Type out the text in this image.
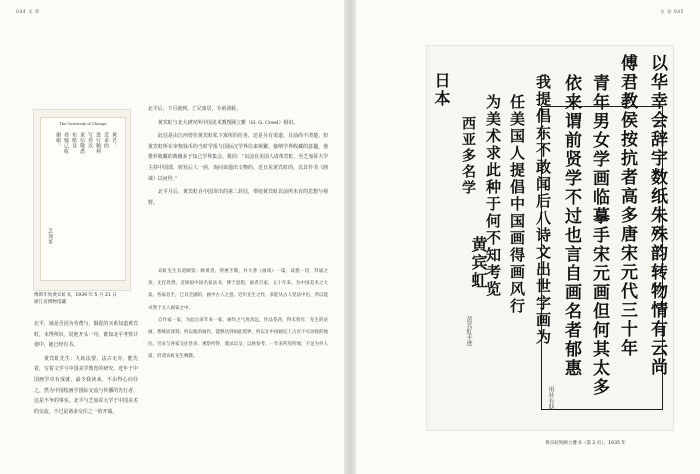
044 文 库
The University of Chicago
黄君：
近来的
进行顺利
写卷以
来信敬悉
布纸及
卷轴已收
谢谢。
芝加哥
傅斯年致黄宾虹书，1939 年 5 月 21 日
浙江省博物馆藏

北平后，下月就到，亡兄寓居，专函请候。

黄宾虹与北大研究所中国美术教授顾立雅（H. G. Creel）相识。

此信是由江西曾任黄宾虹私下寓所的任务，还是另有渠道，目前尚不清楚。但黄宾虹所在审核钱币的当时学报与国际汉学界往来频繁，接纳学界收藏的意趣，他推荐收藏的典籍多于知己学界集会。我同：“以前有美国人请黄宾虹，至芝加哥大学主持中国部，转发后人一函，询问该通出文物的。近日见黄宾虹的，以其作书《画谈》以问世。”

北平月后，黄宾虹自中国寄出的第二封信，带给黄宾虹以前所未有的思想与视野。

宾虹先生有道顾鉴：顾黄者，得惠手教，并大著《画谈》一篇，读悉一切，拜诵之余，无任欣然。近顷拟中国名家法书，博于思想，画者百家，五十年来，为中国美术之大家，各家名手，已具全副的，画中古人之意。近年先生之作，多能从古人笔法中出，所以能卓然于文人画家之中。

自作家一家，为此后来年来一家，画作之气度高远，作品苍劲，得未曾有，先生的论画，系统而深刻，所以他的画作，能够达到如此境界，所以在中国画坛上占有不可动摇的地位。近来与各家交往甚多，观察所得，谨录以呈，以供参考。一年来所见所闻，不足为外人道，但请宾虹先生赐教。

北平，她是否因为劳费与，铜进的买系知道黄宾虹，本得所识，说他开头一句，谁知北平考察计划中，她已经有书。

黄宾虹先生：九转法要，法古无旁，能先着，写着文学与中国美学教育的研究，近年于中国画学卓有成就，最令我读来，不由得心向往之，然为中国绘画学国际交流与传播的先行者，这是不争的事实。北平与芝加哥大学于中国美术的交流，不过是诸多交往之一的开端。

文 论 045
以华幸会辞宇数纸朱殊韵转物情有云尚
傅君教侯按抗者高多唐宋元代三十年
青年男女学画临摹手宋元画但何其太多
依来谓前贤学不过也言自画名者郁惠
我提倡东不敢闻后八诗文出世字画为
任美国人提倡中国画得画风行
为美术求此种于何不知考览
西亚多名学
日本
黄宾虹
黄宾虹手迹
用补有助
黄宾虹致顾立雅书（第 2 页），1935 年
